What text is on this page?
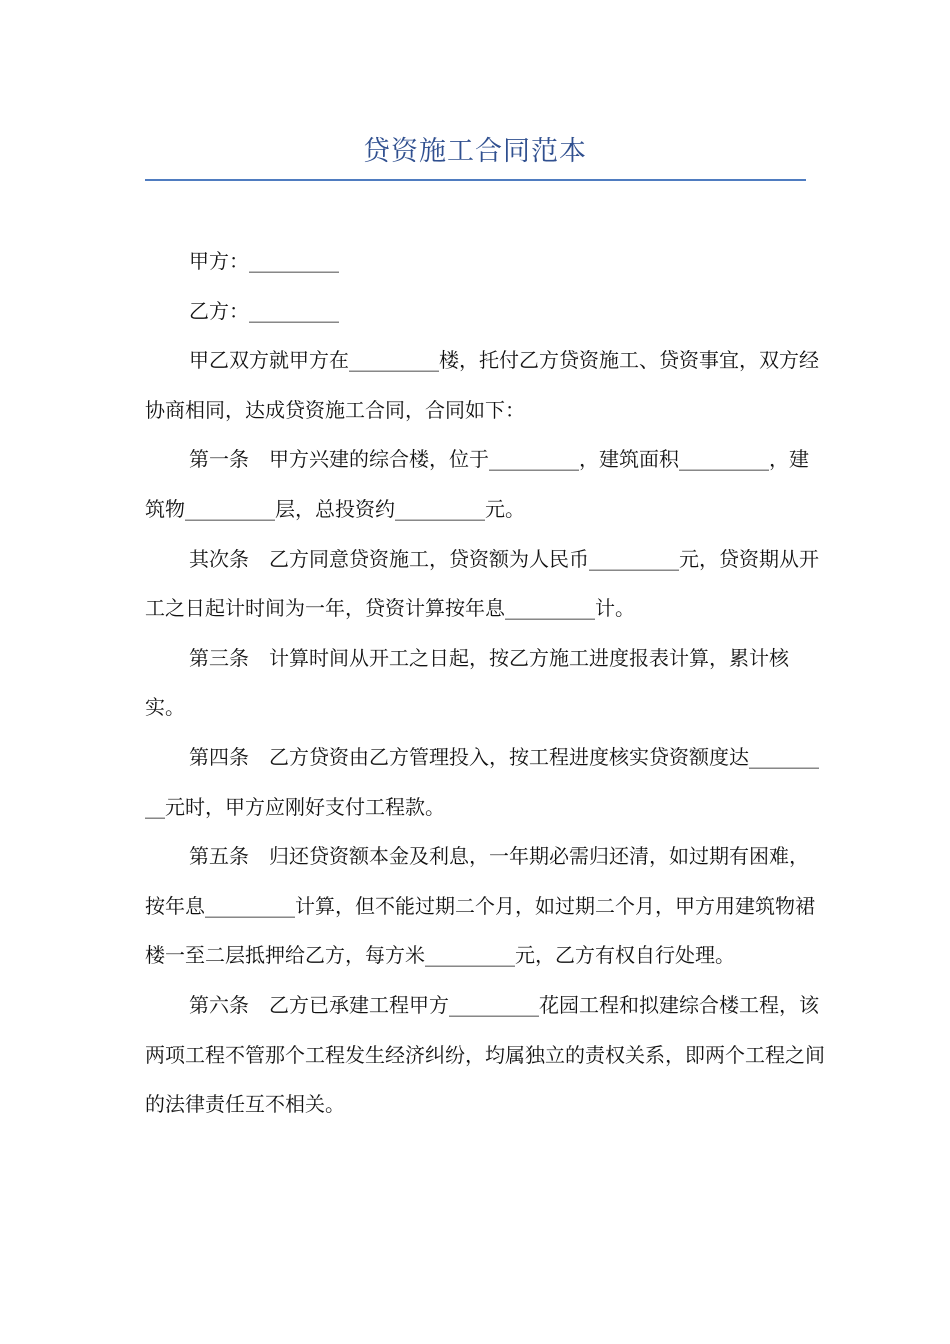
贷资施工合同范本

甲方：_________

乙方：_________

甲乙双方就甲方在_________楼，托付乙方贷资施工、贷资事宜，双方经协商相同，达成贷资施工合同，合同如下：

第一条　甲方兴建的综合楼，位于_________，建筑面积_________，建筑物_________层，总投资约_________元。

其次条　乙方同意贷资施工，贷资额为人民币_________元，贷资期从开工之日起计时间为一年，贷资计算按年息_________计。

第三条　计算时间从开工之日起，按乙方施工进度报表计算，累计核实。

第四条　乙方贷资由乙方管理投入，按工程进度核实贷资额度达_________元时，甲方应刚好支付工程款。

第五条　归还贷资额本金及利息，一年期必需归还清，如过期有困难，按年息_________计算，但不能过期二个月，如过期二个月，甲方用建筑物裙楼一至二层抵押给乙方，每方米_________元，乙方有权自行处理。

第六条　乙方已承建工程甲方_________花园工程和拟建综合楼工程，该两项工程不管那个工程发生经济纠纷，均属独立的责权关系，即两个工程之间的法律责任互不相关。
